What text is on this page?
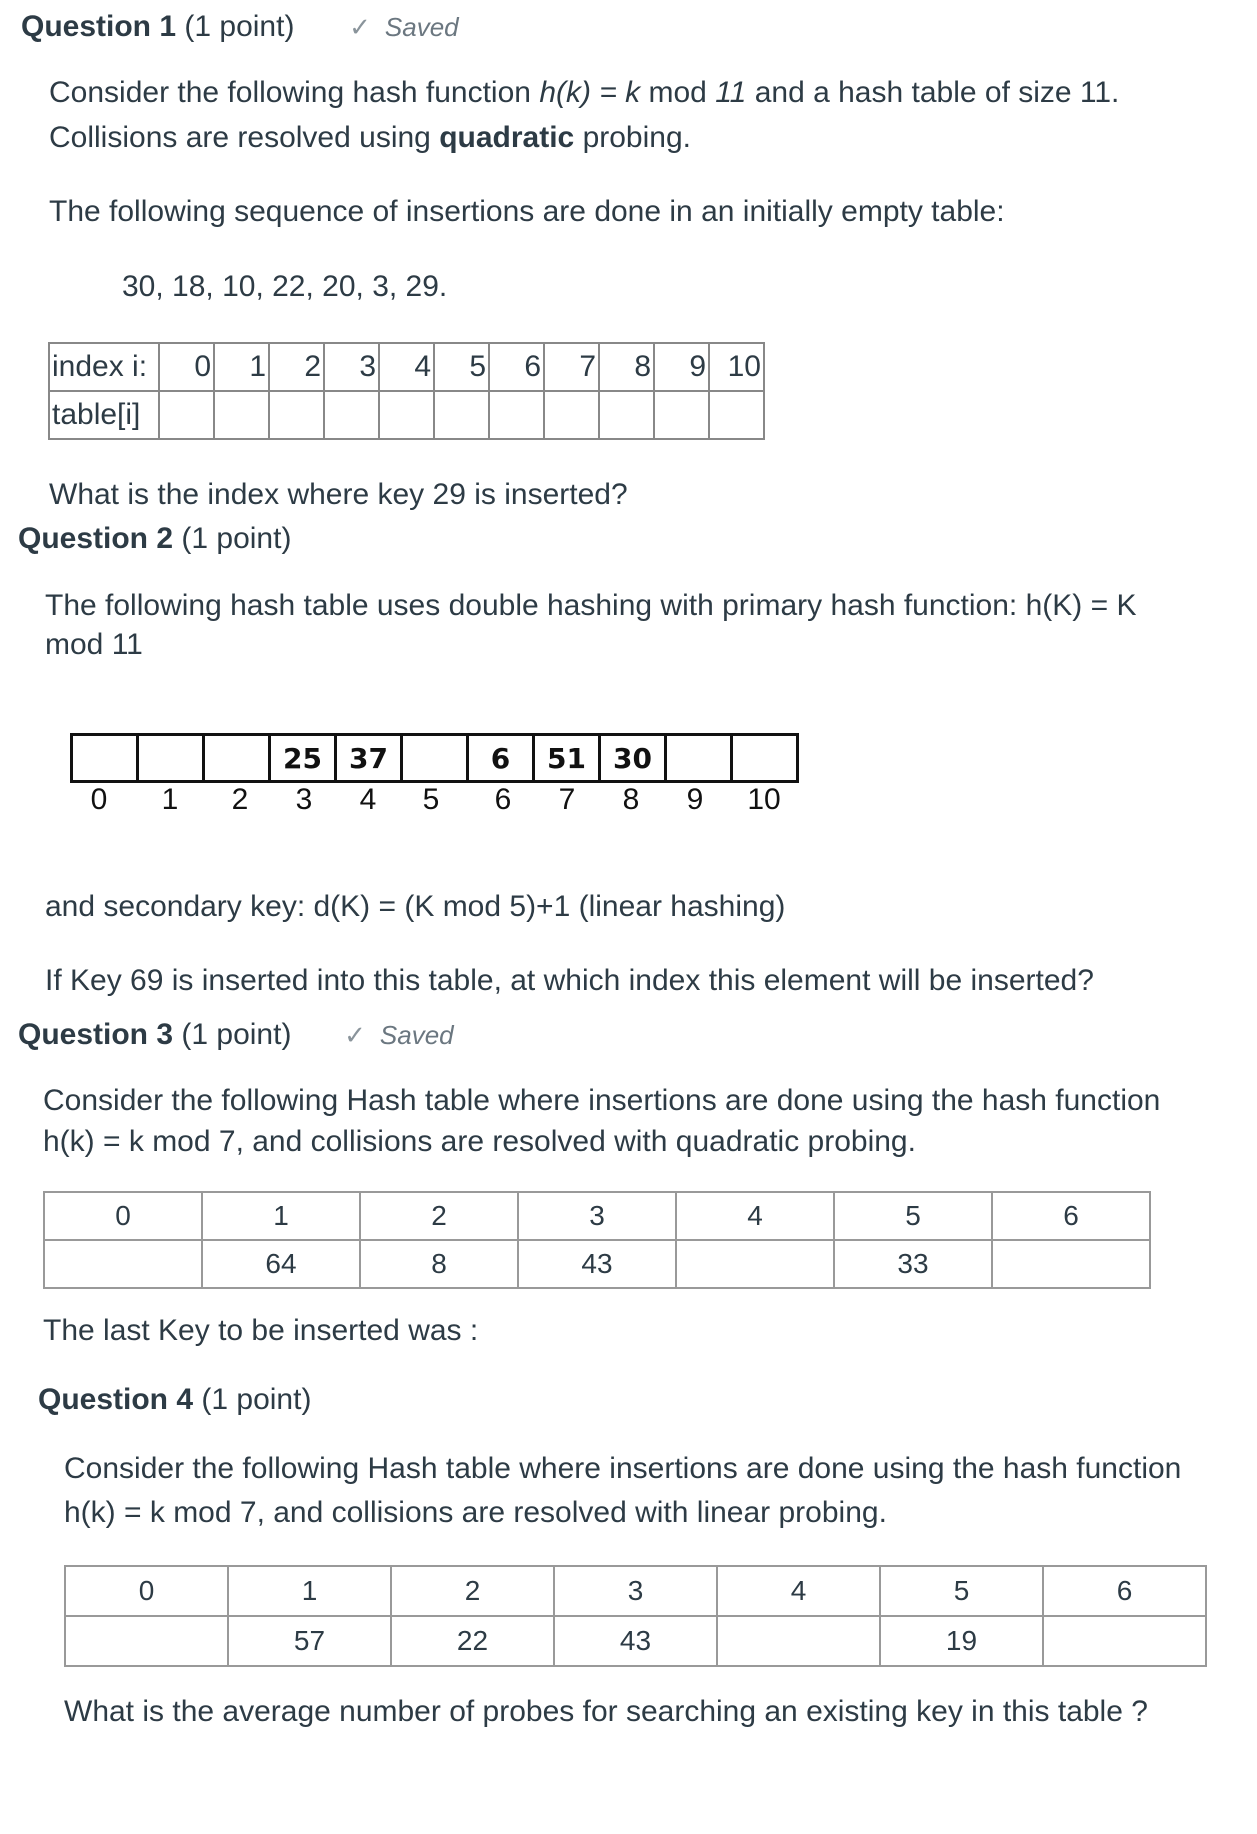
Question 1 (1 point) ✓ Saved
Consider the following hash function h(k) = k mod 11 and a hash table of size 11.
Collisions are resolved using quadratic probing.
The following sequence of insertions are done in an initially empty table:
30, 18, 10, 22, 20, 3, 29.
index i:	0	1	2	3	4	5	6	7	8	9	10
table[i]											
What is the index where key 29 is inserted?
Question 2 (1 point)
The following hash table uses double hashing with primary hash function: h(K) = K
mod 11
			25	37		6	51	30		
0 1 2 3 4 5 6 7 8 9 10
and secondary key: d(K) = (K mod 5)+1 (linear hashing)
If Key 69 is inserted into this table, at which index this element will be inserted?
Question 3 (1 point) ✓ Saved
Consider the following Hash table where insertions are done using the hash function
h(k) = k mod 7, and collisions are resolved with quadratic probing.
0	1	2	3	4	5	6
	64	8	43		33	
The last Key to be inserted was :
Question 4 (1 point)
Consider the following Hash table where insertions are done using the hash function
h(k) = k mod 7, and collisions are resolved with linear probing.
0	1	2	3	4	5	6
	57	22	43		19	
What is the average number of probes for searching an existing key in this table ?
